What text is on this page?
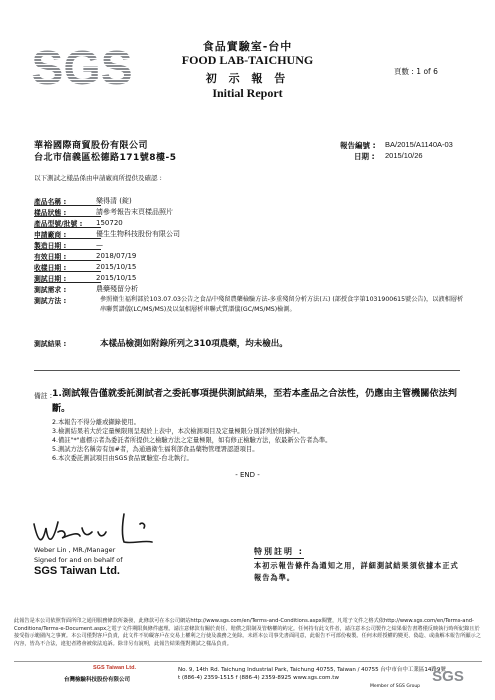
SGS	食品實驗室-台中
FOOD LAB-TAICHUNG
初 示 報 告
Initial Report
頁數 : 1 of 6
華裕國際商貿股份有限公司
台北市信義區松德路171號8樓-5
報告編號 : BA/2015/A1140A-03
日期 : 2015/10/26
以下測試之樣品係由申請廠商所提供及確認 :
產品名稱 :	樂得清 (錠)
樣品狀態 :	請參考報告末頁樣品照片
產品型號/批號 :	150720
申請廠商 :	優生生物科技股份有限公司
製造日期 :	—
有效日期 :	2018/07/19
收樣日期 :	2015/10/15
測試日期 :	2015/10/15
測試需求 :	農藥殘留分析
測試方法 :	參照衛生福利部於103.07.03公告之食品中殘留農藥檢驗方法-多重殘留分析方法(五) (部授食字第1031900615號公告)，以液相層析串聯質譜儀(LC/MS/MS)及以氣相層析串聯式質譜儀(GC/MS/MS)檢測。
測試結果 :	本樣品檢測如附錄所列之310項農藥，均未檢出。
備註 : 1.測試報告僅就委託測試者之委託事項提供測試結果，至若本產品之合法性，仍應由主管機關依法判斷。
2.本報告不得分離或擷錄使用。
3.檢測結果若大於定量極限則呈現於上表中，本次檢測項目及定量極限分別詳列於附錄中。
4.備註"*"處標示者為委託者所提供之檢驗方法之定量極限，如有修正檢驗方法，依最新公告者為準。
5.測試方法名稱旁有加#者，為通過衛生福利部食品藥物管理署認證項目。
6.本次委託測試項目由SGS食品實驗室-台北執行。
- END -
Weber Lin , MR./Manager
Signed for and on behalf of
SGS Taiwan Ltd.
特別註明 :
本初示報告條件為通知之用，詳細測試結果須依據本正式報告為準。
此報告是本公司依照背面所印之通用服務條款所簽發，此條款可在本公司網站http://www.sgs.com/en/Terms-and-Conditions.aspx閱覽，凡電子文件之格式依http://www.sgs.com/en/Terms-and-Conditions/Terms-e-Document.aspx之電子文件期限與條件處理。請注意條款有關於責任、賠償之限制及管轄權的約定。任何持有此文件者，請注意本公司製作之結果報告書將僅反映執行時所紀錄且於接受指示範圍內之事實。本公司僅對客戶負責，此文件不妨礙客戶在交易上權利之行使及義務之免除。未經本公司事先書面同意，此報告不可部份複製。任何未經授權的變更、偽造、或曲解本報告所顯示之內容，皆為不合法，違犯者將會被依法追訴。除非另有說明，此報告結果僅對測試之樣品負責。
SGS Taiwan Ltd.
台灣檢驗科技股份有限公司
No. 9, 14th Rd. Taichung Industrial Park, Taichung 40755, Taiwan / 40755 台中市台中工業區14路9號
t (886-4) 2359-1515 f (886-4) 2359-8925 www.sgs.com.tw	SGS
Member of SGS Group
